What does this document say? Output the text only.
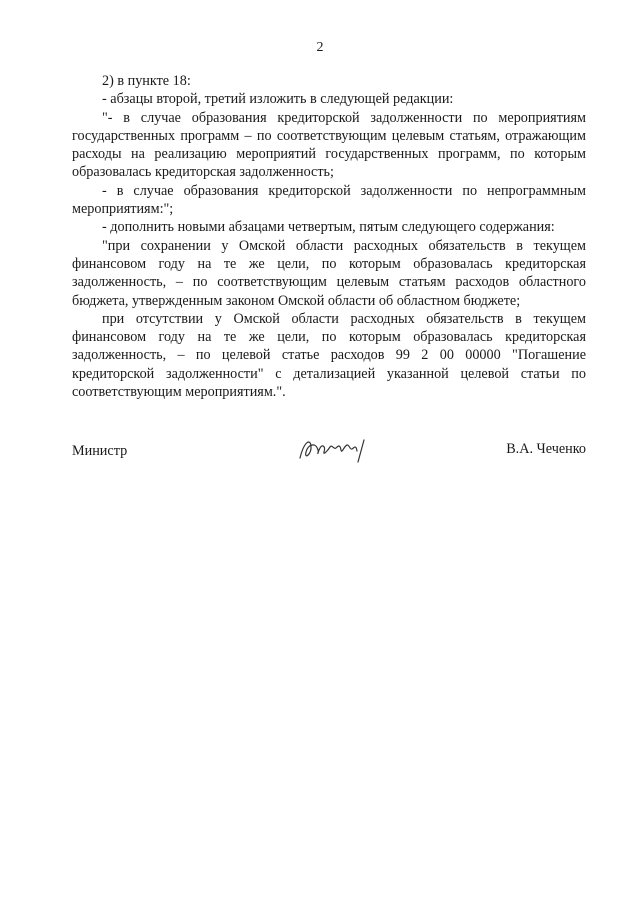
2

2) в пункте 18:

- абзацы второй, третий изложить в следующей редакции:

"- в случае образования кредиторской задолженности по мероприятиям государственных программ – по соответствующим целевым статьям, отражающим расходы на реализацию мероприятий государственных программ, по которым образовалась кредиторская задолженность;

- в случае образования кредиторской задолженности по непрограммным мероприятиям:";

- дополнить новыми абзацами четвертым, пятым следующего содержания:

"при сохранении у Омской области расходных обязательств в текущем финансовом году на те же цели, по которым образовалась кредиторская задолженность, – по соответствующим целевым статьям расходов областного бюджета, утвержденным законом Омской области об областном бюджете;

при отсутствии у Омской области расходных обязательств в текущем финансовом году на те же цели, по которым образовалась кредиторская задолженность, – по целевой статье расходов 99 2 00 00000 "Погашение кредиторской задолженности" с детализацией указанной целевой статьи по соответствующим мероприятиям.".

Министр	В.А. Чеченко
